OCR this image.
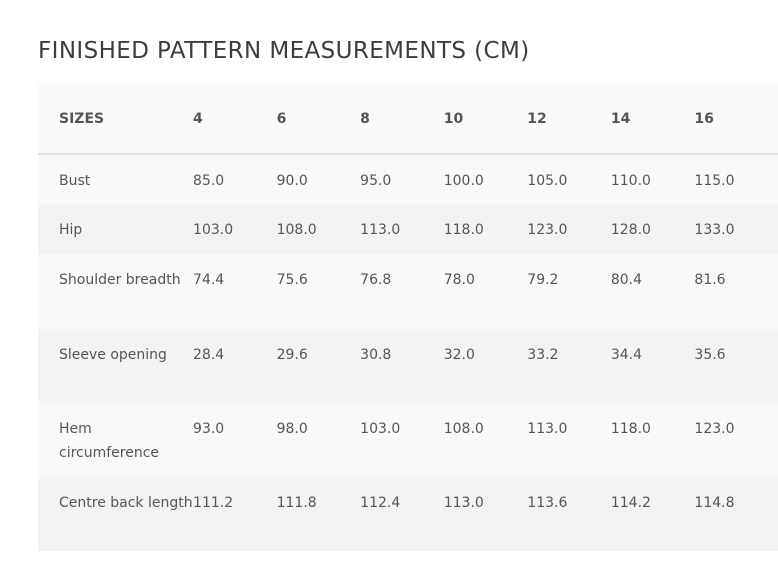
FINISHED PATTERN MEASUREMENTS (CM)
SIZES	4	6	8	10	12	14	16
Bust	85.0	90.0	95.0	100.0	105.0	110.0	115.0
Hip	103.0	108.0	113.0	118.0	123.0	128.0	133.0
Shoulder breadth	74.4	75.6	76.8	78.0	79.2	80.4	81.6
Sleeve opening	28.4	29.6	30.8	32.0	33.2	34.4	35.6
Hem circumference	93.0	98.0	103.0	108.0	113.0	118.0	123.0
Centre back length	111.2	111.8	112.4	113.0	113.6	114.2	114.8
